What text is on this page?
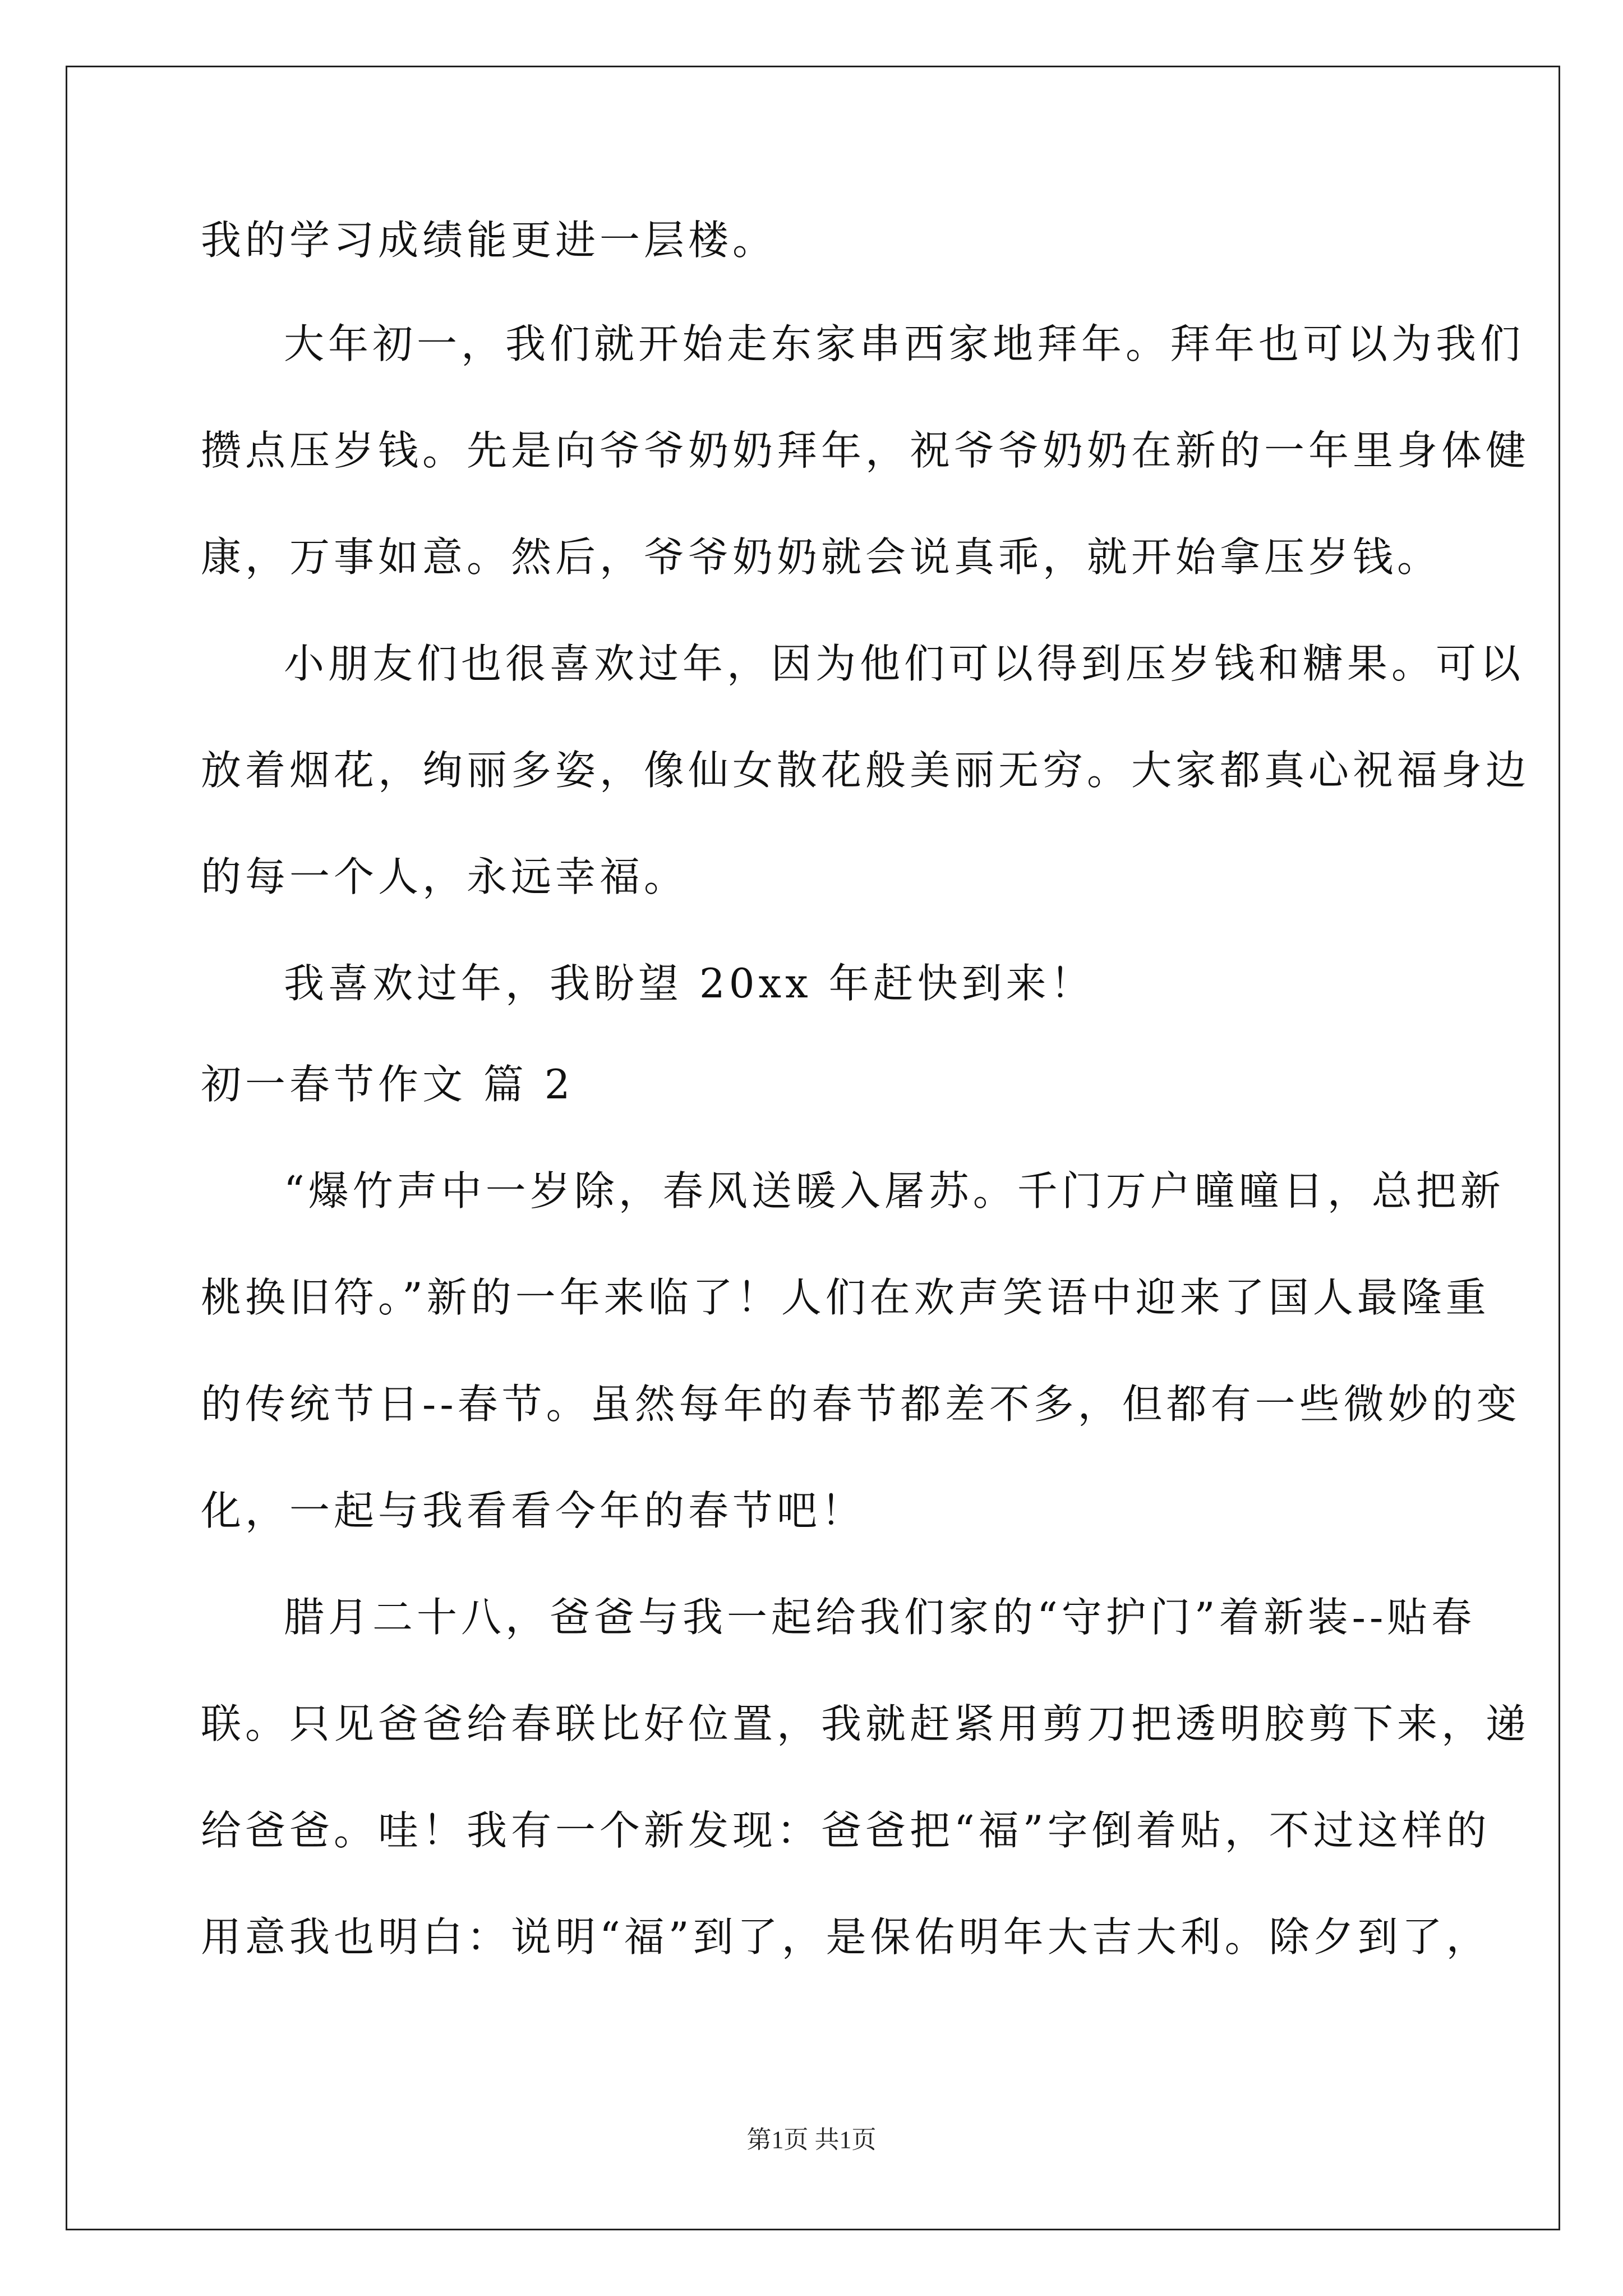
我的学习成绩能更进一层楼。
大年初一，我们就开始走东家串西家地拜年。拜年也可以为我们
攒点压岁钱。先是向爷爷奶奶拜年，祝爷爷奶奶在新的一年里身体健
康，万事如意。然后，爷爷奶奶就会说真乖，就开始拿压岁钱。
小朋友们也很喜欢过年，因为他们可以得到压岁钱和糖果。可以
放着烟花，绚丽多姿，像仙女散花般美丽无穷。大家都真心祝福身边
的每一个人，永远幸福。
我喜欢过年，我盼望 20xx 年赶快到来！
初一春节作文 篇 2
“爆竹声中一岁除，春风送暖入屠苏。千门万户曈曈日，总把新
桃换旧符。”新的一年来临了！人们在欢声笑语中迎来了国人最隆重
的传统节日--春节。虽然每年的春节都差不多，但都有一些微妙的变
化，一起与我看看今年的春节吧！
腊月二十八，爸爸与我一起给我们家的“守护门”着新装--贴春
联。只见爸爸给春联比好位置，我就赶紧用剪刀把透明胶剪下来，递
给爸爸。哇！我有一个新发现：爸爸把“福”字倒着贴，不过这样的
用意我也明白：说明“福”到了，是保佑明年大吉大利。除夕到了，
第1页 共1页
